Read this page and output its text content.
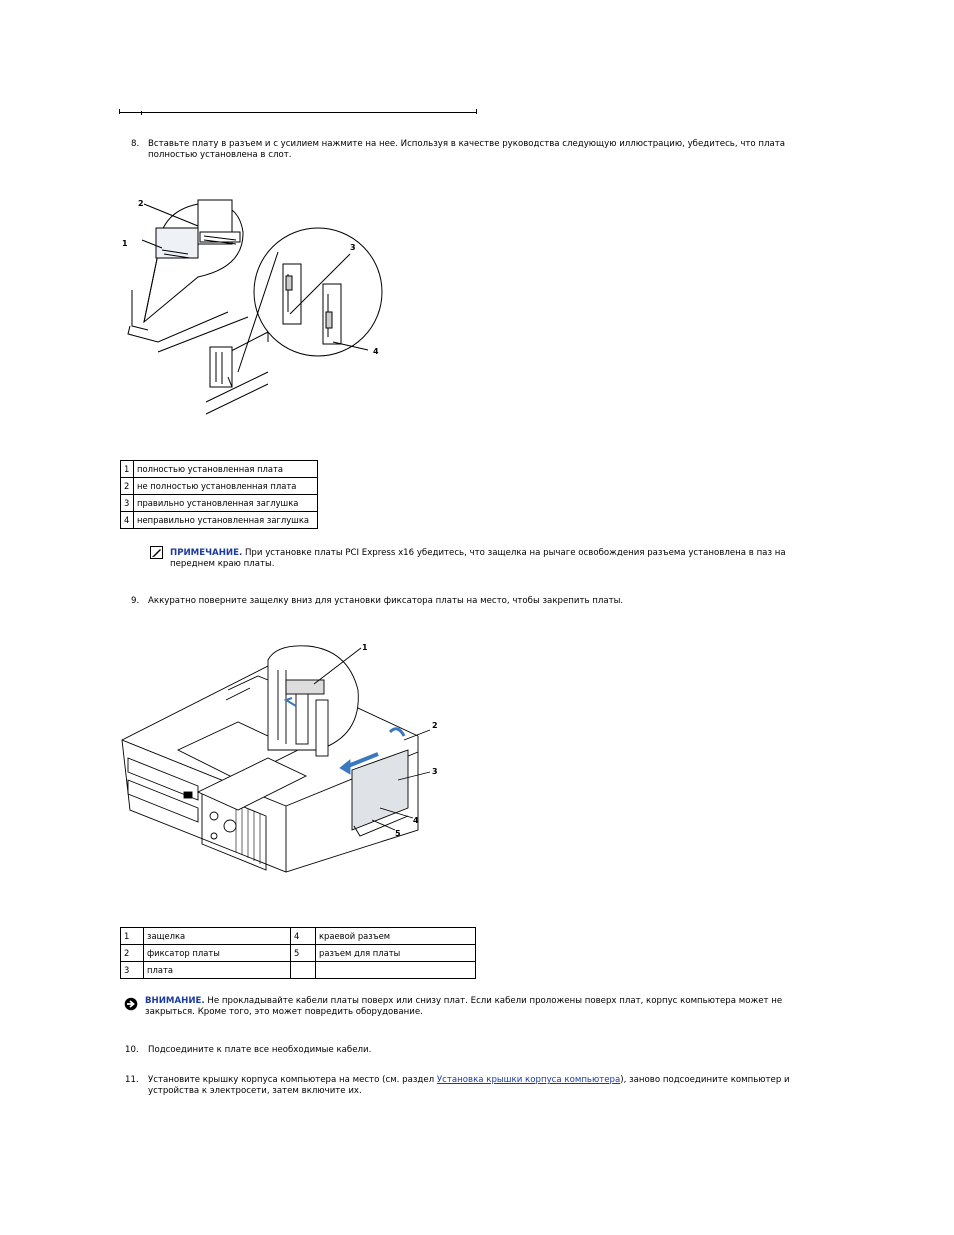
8. Вставьте плату в разъем и с усилием нажмите на нее. Используя в качестве руководства следующую иллюстрацию, убедитесь, что плата
полностью установлена в слот.
1
2
3
4
1	полностью установленная плата
2	не полностью установленная плата
3	правильно установленная заглушка
4	неправильно установленная заглушка
ПРИМЕЧАНИЕ. При установке платы PCI Express x16 убедитесь, что защелка на рычаге освобождения разъема установлена в паз на
переднем краю платы.
9. Аккуратно поверните защелку вниз для установки фиксатора платы на место, чтобы закрепить платы.
1
2
3
4
5
1	защелка	4	краевой разъем
2	фиксатор платы	5	разъем для платы
3	плата		
ВНИМАНИЕ. Не прокладывайте кабели платы поверх или снизу плат. Если кабели проложены поверх плат, корпус компьютера может не
закрыться. Кроме того, это может повредить оборудование.
10. Подсоедините к плате все необходимые кабели.
11. Установите крышку корпуса компьютера на место (см. раздел Установка крышки корпуса компьютера), заново подсоедините компьютер и
устройства к электросети, затем включите их.
